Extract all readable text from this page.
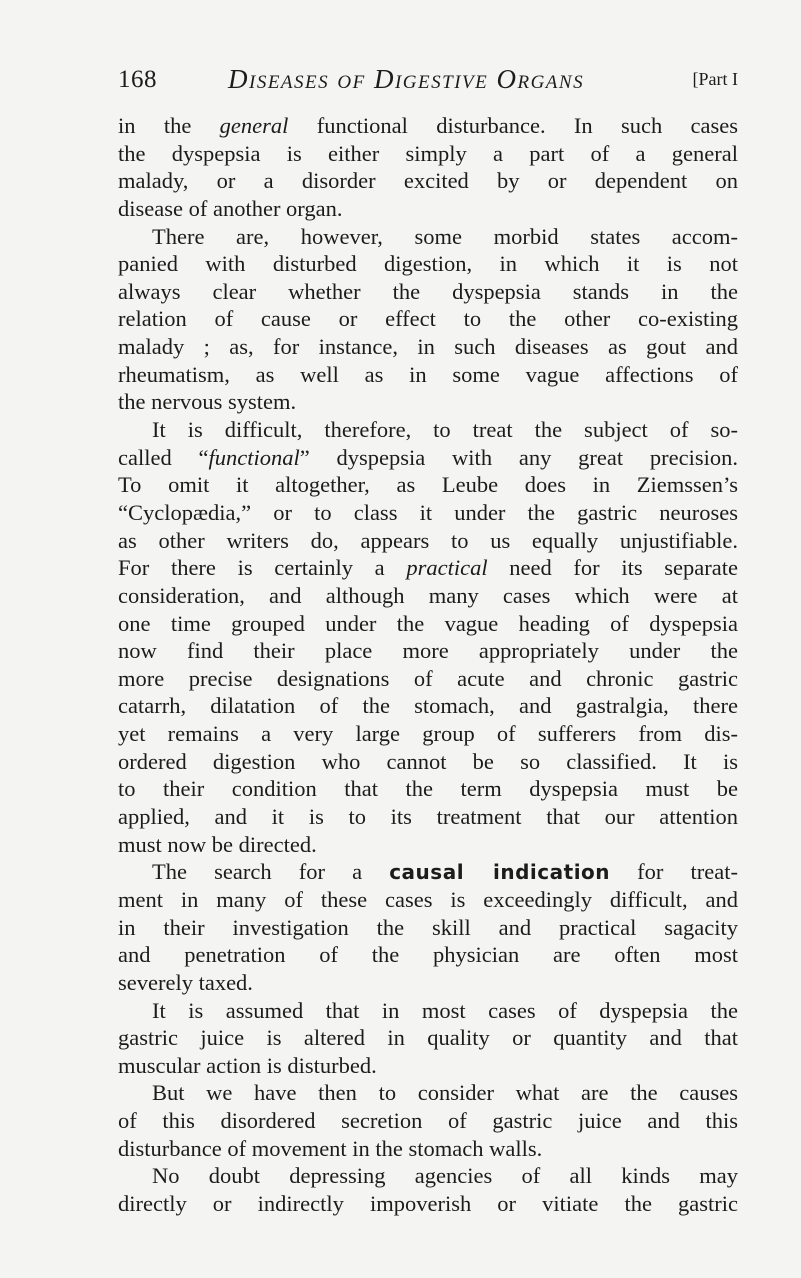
168	Diseases of Digestive Organs	[Part I
in the general functional disturbance. In such cases
the dyspepsia is either simply a part of a general
malady, or a disorder excited by or dependent on
disease of another organ.
There are, however, some morbid states accom-
panied with disturbed digestion, in which it is not
always clear whether the dyspepsia stands in the
relation of cause or effect to the other co-existing
malady ; as, for instance, in such diseases as gout and
rheumatism, as well as in some vague affections of
the nervous system.
It is difficult, therefore, to treat the subject of so-
called “functional” dyspepsia with any great precision.
To omit it altogether, as Leube does in Ziemssen’s
“Cyclopædia,” or to class it under the gastric neuroses
as other writers do, appears to us equally unjustifiable.
For there is certainly a practical need for its separate
consideration, and although many cases which were at
one time grouped under the vague heading of dyspepsia
now find their place more appropriately under the
more precise designations of acute and chronic gastric
catarrh, dilatation of the stomach, and gastralgia, there
yet remains a very large group of sufferers from dis-
ordered digestion who cannot be so classified. It is
to their condition that the term dyspepsia must be
applied, and it is to its treatment that our attention
must now be directed.
The search for a causal indication for treat-
ment in many of these cases is exceedingly difficult, and
in their investigation the skill and practical sagacity
and penetration of the physician are often most
severely taxed.
It is assumed that in most cases of dyspepsia the
gastric juice is altered in quality or quantity and that
muscular action is disturbed.
But we have then to consider what are the causes
of this disordered secretion of gastric juice and this
disturbance of movement in the stomach walls.
No doubt depressing agencies of all kinds may
directly or indirectly impoverish or vitiate the gastric
